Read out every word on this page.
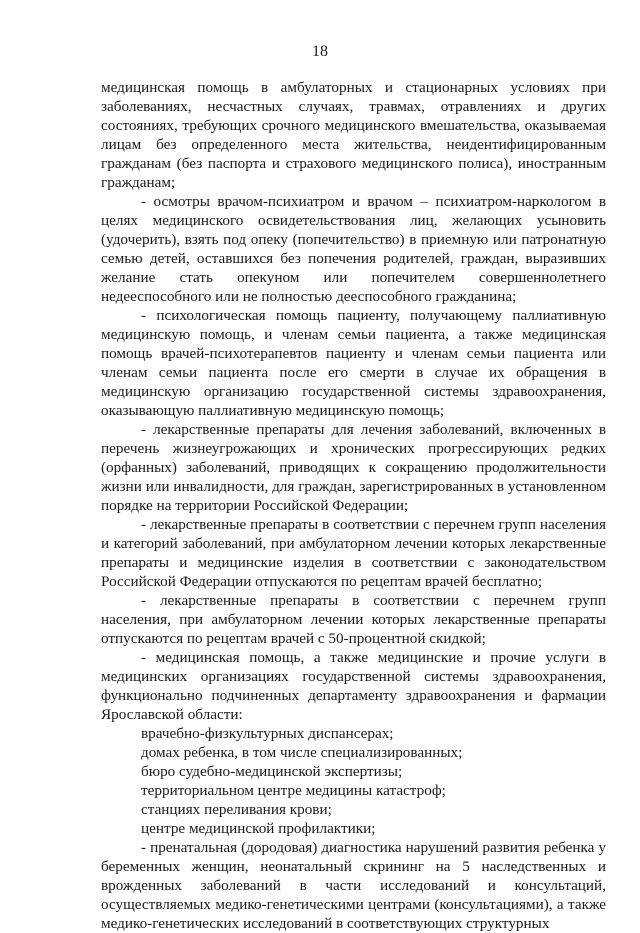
18

медицинская помощь в амбулаторных и стационарных условиях при заболеваниях, несчастных случаях, травмах, отравлениях и других состояниях, требующих срочного медицинского вмешательства, оказываемая лицам без определенного места жительства, неидентифицированным гражданам (без паспорта и страхового медицинского полиса), иностранным гражданам;

- осмотры врачом-психиатром и врачом – психиатром-наркологом в целях медицинского освидетельствования лиц, желающих усыновить (удочерить), взять под опеку (попечительство) в приемную или патронатную семью детей, оставшихся без попечения родителей, граждан, выразивших желание стать опекуном или попечителем совершеннолетнего недееспособного или не полностью дееспособного гражданина;

- психологическая помощь пациенту, получающему паллиативную медицинскую помощь, и членам семьи пациента, а также медицинская помощь врачей-психотерапевтов пациенту и членам семьи пациента или членам семьи пациента после его смерти в случае их обращения в медицинскую организацию государственной системы здравоохранения, оказывающую паллиативную медицинскую помощь;

- лекарственные препараты для лечения заболеваний, включенных в перечень жизнеугрожающих и хронических прогрессирующих редких (орфанных) заболеваний, приводящих к сокращению продолжительности жизни или инвалидности, для граждан, зарегистрированных в установленном порядке на территории Российской Федерации;

- лекарственные препараты в соответствии с перечнем групп населения и категорий заболеваний, при амбулаторном лечении которых лекарственные препараты и медицинские изделия в соответствии с законодательством Российской Федерации отпускаются по рецептам врачей бесплатно;

- лекарственные препараты в соответствии с перечнем групп населения, при амбулаторном лечении которых лекарственные препараты отпускаются по рецептам врачей с 50-процентной скидкой;

- медицинская помощь, а также медицинские и прочие услуги в медицинских организациях государственной системы здравоохранения, функционально подчиненных департаменту здравоохранения и фармации Ярославской области:

врачебно-физкультурных диспансерах;

домах ребенка, в том числе специализированных;

бюро судебно-медицинской экспертизы;

территориальном центре медицины катастроф;

станциях переливания крови;

центре медицинской профилактики;

- пренатальная (дородовая) диагностика нарушений развития ребенка у беременных женщин, неонатальный скрининг на 5 наследственных и врожденных заболеваний в части исследований и консультаций, осуществляемых медико-генетическими центрами (консультациями), а также медико-генетических исследований в соответствующих структурных
